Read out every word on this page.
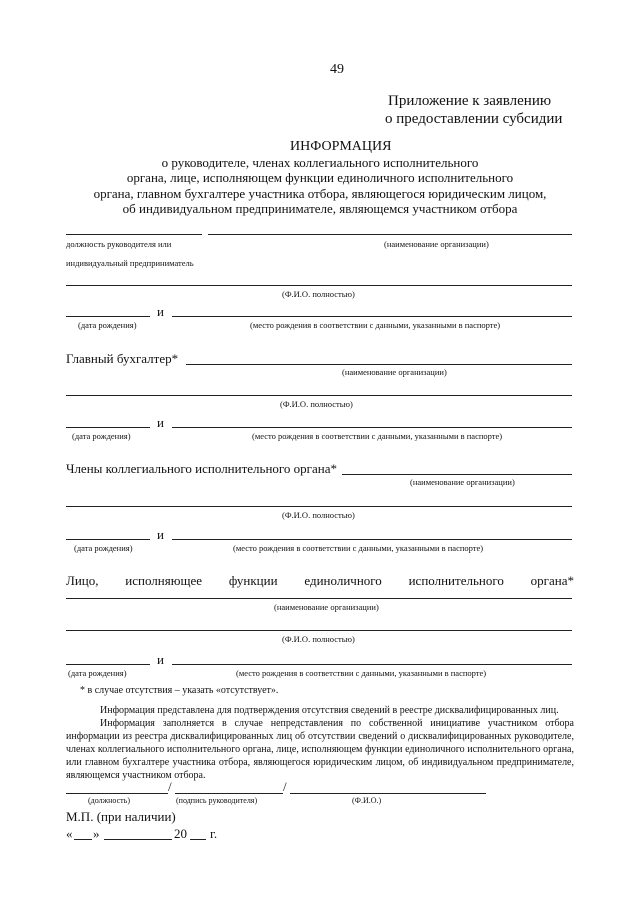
49
Приложение к заявлению
о предоставлении субсидии
ИНФОРМАЦИЯ
о руководителе, членах коллегиального исполнительного
органа, лице, исполняющем функции единоличного исполнительного
органа, главном бухгалтере участника отбора, являющегося юридическим лицом,
об индивидуальном предпринимателе, являющемся участником отбора
должность руководителя или	(наименование организации)
индивидуальный предприниматель
(Ф.И.О. полностью)
и
(дата рождения)	(место рождения в соответствии с данными, указанными в паспорте)
Главный бухгалтер*
(наименование организации)
(Ф.И.О. полностью)
и
(дата рождения)	(место рождения в соответствии с данными, указанными в паспорте)
Члены коллегиального исполнительного органа*
(наименование организации)
(Ф.И.О. полностью)
и
(дата рождения)	(место рождения в соответствии с данными, указанными в паспорте)
Лицо, исполняющее функции единоличного исполнительного органа*
(наименование организации)
(Ф.И.О. полностью)
и
(дата рождения)	(место рождения в соответствии с данными, указанными в паспорте)
* в случае отсутствия – указать «отсутствует».
Информация представлена для подтверждения отсутствия сведений в реестре дисквалифицированных лиц.
Информация заполняется в случае непредставления по собственной инициативе участником отбора информации из реестра дисквалифицированных лиц об отсутствии сведений о дисквалифицированных руководителе, членах коллегиального исполнительного органа, лице, исполняющем функции единоличного исполнительного органа, или главном бухгалтере участника отбора, являющегося юридическим лицом, об индивидуальном предпринимателе, являющемся участником отбора.
/	/
(должность)	(подпись руководителя)	(Ф.И.О.)
М.П. (при наличии)
« »	20 г.
